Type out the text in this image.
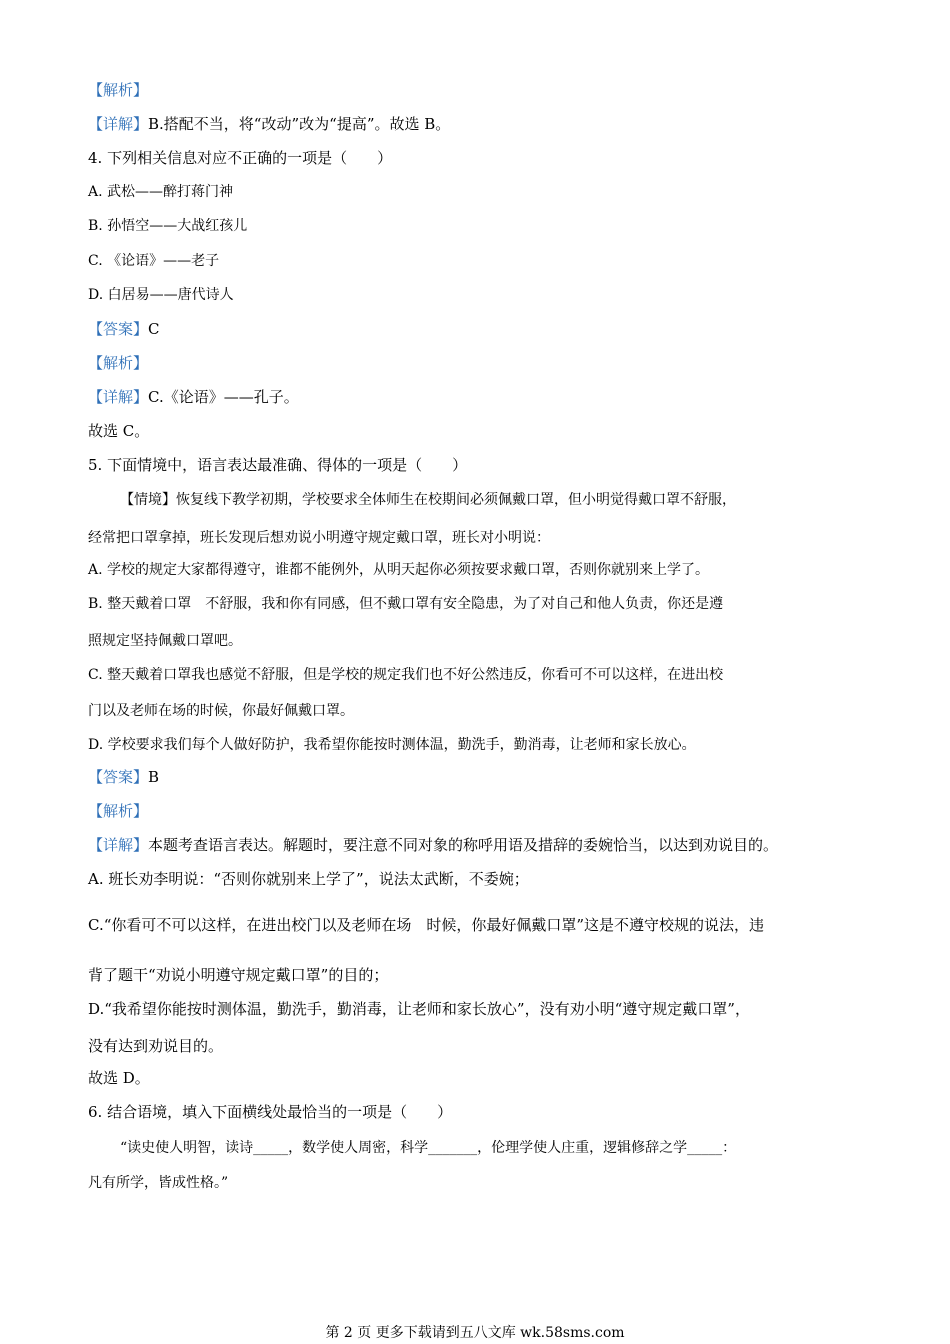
【解析】
【详解】B.搭配不当，将“改动”改为“提高”。故选 B。
4. 下列相关信息对应不正确的一项是（　　）
A. 武松——醉打蒋门神
B. 孙悟空——大战红孩儿
C. 《论语》——老子
D. 白居易——唐代诗人
【答案】C
【解析】
【详解】C.《论语》——孔子。
故选 C。
5. 下面情境中，语言表达最准确、得体的一项是（　　）
【情境】恢复线下教学初期，学校要求全体师生在校期间必须佩戴口罩，但小明觉得戴口罩不舒服，
经常把口罩拿掉，班长发现后想劝说小明遵守规定戴口罩，班长对小明说：
A. 学校的规定大家都得遵守，谁都不能例外，从明天起你必须按要求戴口罩，否则你就别来上学了。
B. 整天戴着口罩　不舒服，我和你有同感，但不戴口罩有安全隐患，为了对自己和他人负责，你还是遵
照规定坚持佩戴口罩吧。
C. 整天戴着口罩我也感觉不舒服，但是学校的规定我们也不好公然违反，你看可不可以这样，在进出校
门以及老师在场的时候，你最好佩戴口罩。
D. 学校要求我们每个人做好防护，我希望你能按时测体温，勤洗手，勤消毒，让老师和家长放心。
【答案】B
【解析】
【详解】本题考查语言表达。解题时，要注意不同对象的称呼用语及措辞的委婉恰当，以达到劝说目的。
A. 班长劝李明说：“否则你就别来上学了”，说法太武断，不委婉；
C.“你看可不可以这样，在进出校门以及老师在场　时候，你最好佩戴口罩”这是不遵守校规的说法，违
背了题干“劝说小明遵守规定戴口罩”的目的；
D.“我希望你能按时测体温，勤洗手，勤消毒，让老师和家长放心”，没有劝小明“遵守规定戴口罩”，
没有达到劝说目的。
故选 D。
6. 结合语境，填入下面横线处最恰当的一项是（　　）
“读史使人明智，读诗_____，数学使人周密，科学_______，伦理学使人庄重，逻辑修辞之学_____：
凡有所学，皆成性格。”
第 2 页 更多下载请到五八文库 wk.58sms.com
